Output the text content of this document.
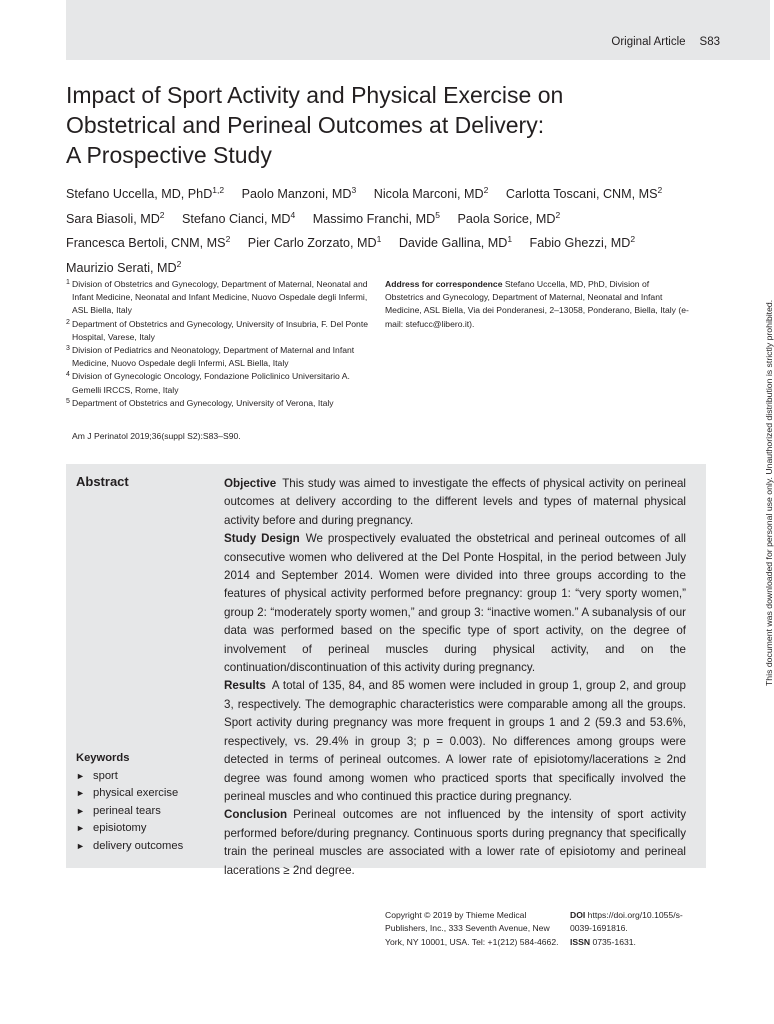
Original Article S83
Impact of Sport Activity and Physical Exercise on
Obstetrical and Perineal Outcomes at Delivery:
A Prospective Study
Stefano Uccella, MD, PhD$^{1,2}$ Paolo Manzoni, $MD^3$ Nicola Marconi, $MD^2$ Carlotta Toscani, CNM, $MS^2$ Sara Biasoli, $MD^2$ Stefano Cianci, $MD^4$ Massimo Franchi, $MD^5$ Paola Sorice, $MD^2$ Francesca Bertoli, CNM, $MS^2$ Pier Carlo Zorzato, $MD^1$ Davide Gallina, $MD^1$ Fabio Ghezzi, $MD^2$ Maurizio Serati, $MD^2$
1 Division of Obstetrics and Gynecology, Department of Maternal, Neonatal and Infant Medicine, Neonatal and Infant Medicine, Nuovo Ospedale degli Infermi, ASL Biella, Italy
2 Department of Obstetrics and Gynecology, University of Insubria, F. Del Ponte Hospital, Varese, Italy
3 Division of Pediatrics and Neonatology, Department of Maternal and Infant Medicine, Nuovo Ospedale degli Infermi, ASL Biella, Italy
4 Division of Gynecologic Oncology, Fondazione Policlinico Universitario A. Gemelli IRCCS, Rome, Italy
5 Department of Obstetrics and Gynecology, University of Verona, Italy
Address for correspondence Stefano Uccella, MD, PhD, Division of Obstetrics and Gynecology, Department of Maternal, Neonatal and Infant Medicine, ASL Biella, Via dei Ponderanesi, 2–13058, Ponderano, Biella, Italy (e-mail: stefucc@libero.it).
Am J Perinatol 2019;36(suppl S2):S83–S90.
Abstract	Objective This study was aimed to investigate the effects of physical activity on perineal outcomes at delivery according to the different levels and types of maternal physical activity before and during pregnancy.

Study Design We prospectively evaluated the obstetrical and perineal outcomes of all consecutive women who delivered at the Del Ponte Hospital, in the period between July 2014 and September 2014. Women were divided into three groups according to the features of physical activity performed before pregnancy: group 1: “very sporty women,” group 2: “moderately sporty women,” and group 3: “inactive women.” A subanalysis of our data was performed based on the specific type of sport activity, on the degree of involvement of perineal muscles during physical activity, and on the continuation/discontinuation of this activity during pregnancy.

Results A total of 135, 84, and 85 women were included in group 1, group 2, and group 3, respectively. The demographic characteristics were comparable among all the groups. Sport activity during pregnancy was more frequent in groups 1 and 2 (59.3 and 53.6%, respectively, vs. 29.4% in group 3; p = 0.003). No differences among groups were detected in terms of perineal outcomes. A lower rate of episiotomy/lacerations ≥ 2nd degree was found among women who practiced sports that specifically involved the perineal muscles and who continued this practice during pregnancy.

Conclusion Perineal outcomes are not influenced by the intensity of sport activity performed before/during pregnancy. Continuous sports during pregnancy that specifically train the perineal muscles are associated with a lower rate of episiotomy and perineal lacerations ≥ 2nd degree.

Keywords
► sport
► physical exercise
► perineal tears
► episiotomy
► delivery outcomes
Copyright © 2019 by Thieme Medical Publishers, Inc., 333 Seventh Avenue, New York, NY 10001, USA. Tel: +1(212) 584-4662.
DOI https://doi.org/10.1055/s-0039-1691816.
ISSN 0735-1631.
This document was downloaded for personal use only. Unauthorized distribution is strictly prohibited.
